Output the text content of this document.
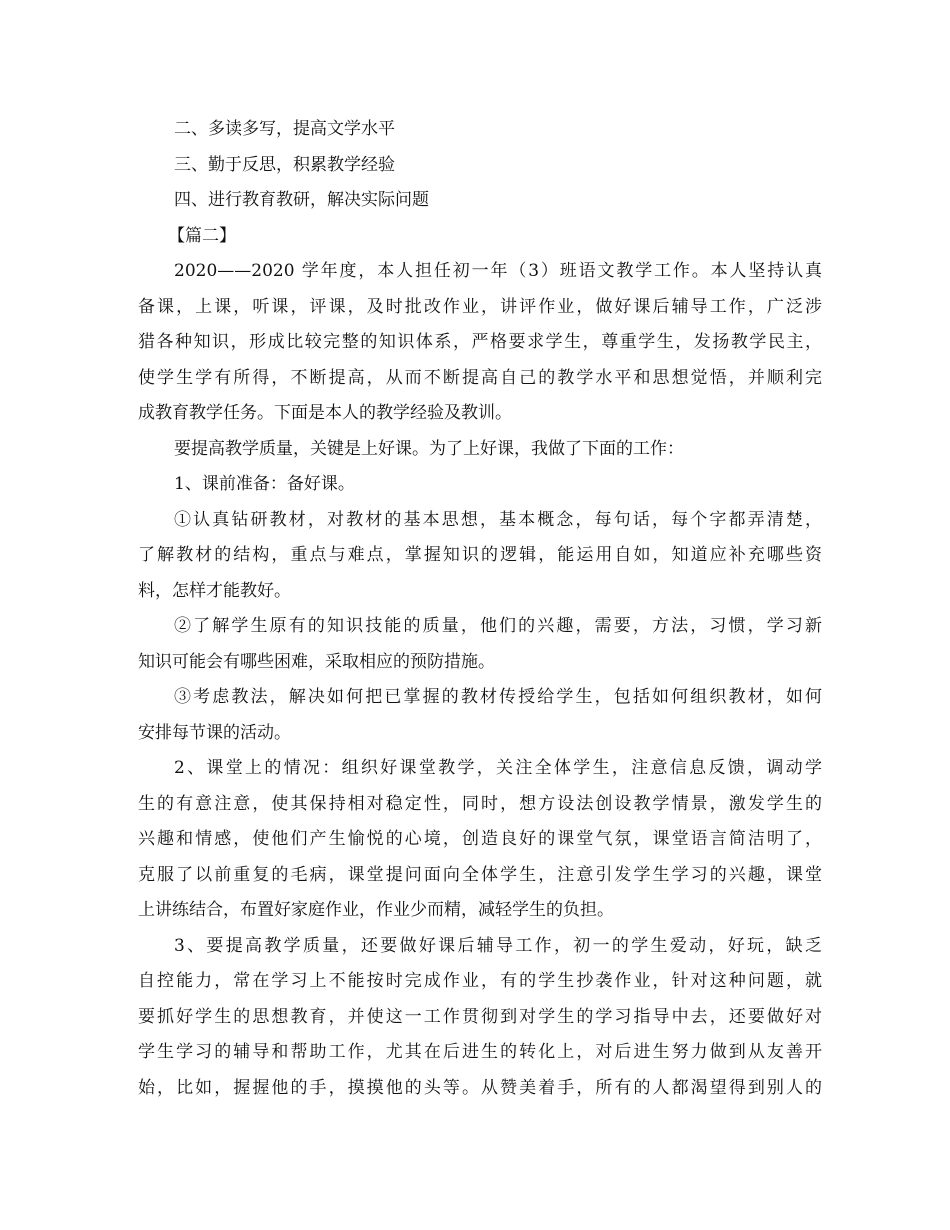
二、多读多写，提高文学水平
三、勤于反思，积累教学经验
四、进行教育教研，解决实际问题
【篇二】
2020——2020 学年度，本人担任初一年（3）班语文教学工作。本人坚持认真
备课，上课，听课，评课，及时批改作业，讲评作业，做好课后辅导工作，广泛涉
猎各种知识，形成比较完整的知识体系，严格要求学生，尊重学生，发扬教学民主，
使学生学有所得，不断提高，从而不断提高自己的教学水平和思想觉悟，并顺利完
成教育教学任务。下面是本人的教学经验及教训。
要提高教学质量，关键是上好课。为了上好课，我做了下面的工作：
1、课前准备：备好课。
①认真钻研教材，对教材的基本思想，基本概念，每句话，每个字都弄清楚，
了解教材的结构，重点与难点，掌握知识的逻辑，能运用自如，知道应补充哪些资
料，怎样才能教好。
②了解学生原有的知识技能的质量，他们的兴趣，需要，方法，习惯，学习新
知识可能会有哪些困难，采取相应的预防措施。
③考虑教法，解决如何把已掌握的教材传授给学生，包括如何组织教材，如何
安排每节课的活动。
2、课堂上的情况：组织好课堂教学，关注全体学生，注意信息反馈，调动学
生的有意注意，使其保持相对稳定性，同时，想方设法创设教学情景，激发学生的
兴趣和情感，使他们产生愉悦的心境，创造良好的课堂气氛，课堂语言简洁明了，
克服了以前重复的毛病，课堂提问面向全体学生，注意引发学生学习的兴趣，课堂
上讲练结合，布置好家庭作业，作业少而精，减轻学生的负担。
3、要提高教学质量，还要做好课后辅导工作，初一的学生爱动，好玩，缺乏
自控能力，常在学习上不能按时完成作业，有的学生抄袭作业，针对这种问题，就
要抓好学生的思想教育，并使这一工作贯彻到对学生的学习指导中去，还要做好对
学生学习的辅导和帮助工作，尤其在后进生的转化上，对后进生努力做到从友善开
始，比如，握握他的手，摸摸他的头等。从赞美着手，所有的人都渴望得到别人的
